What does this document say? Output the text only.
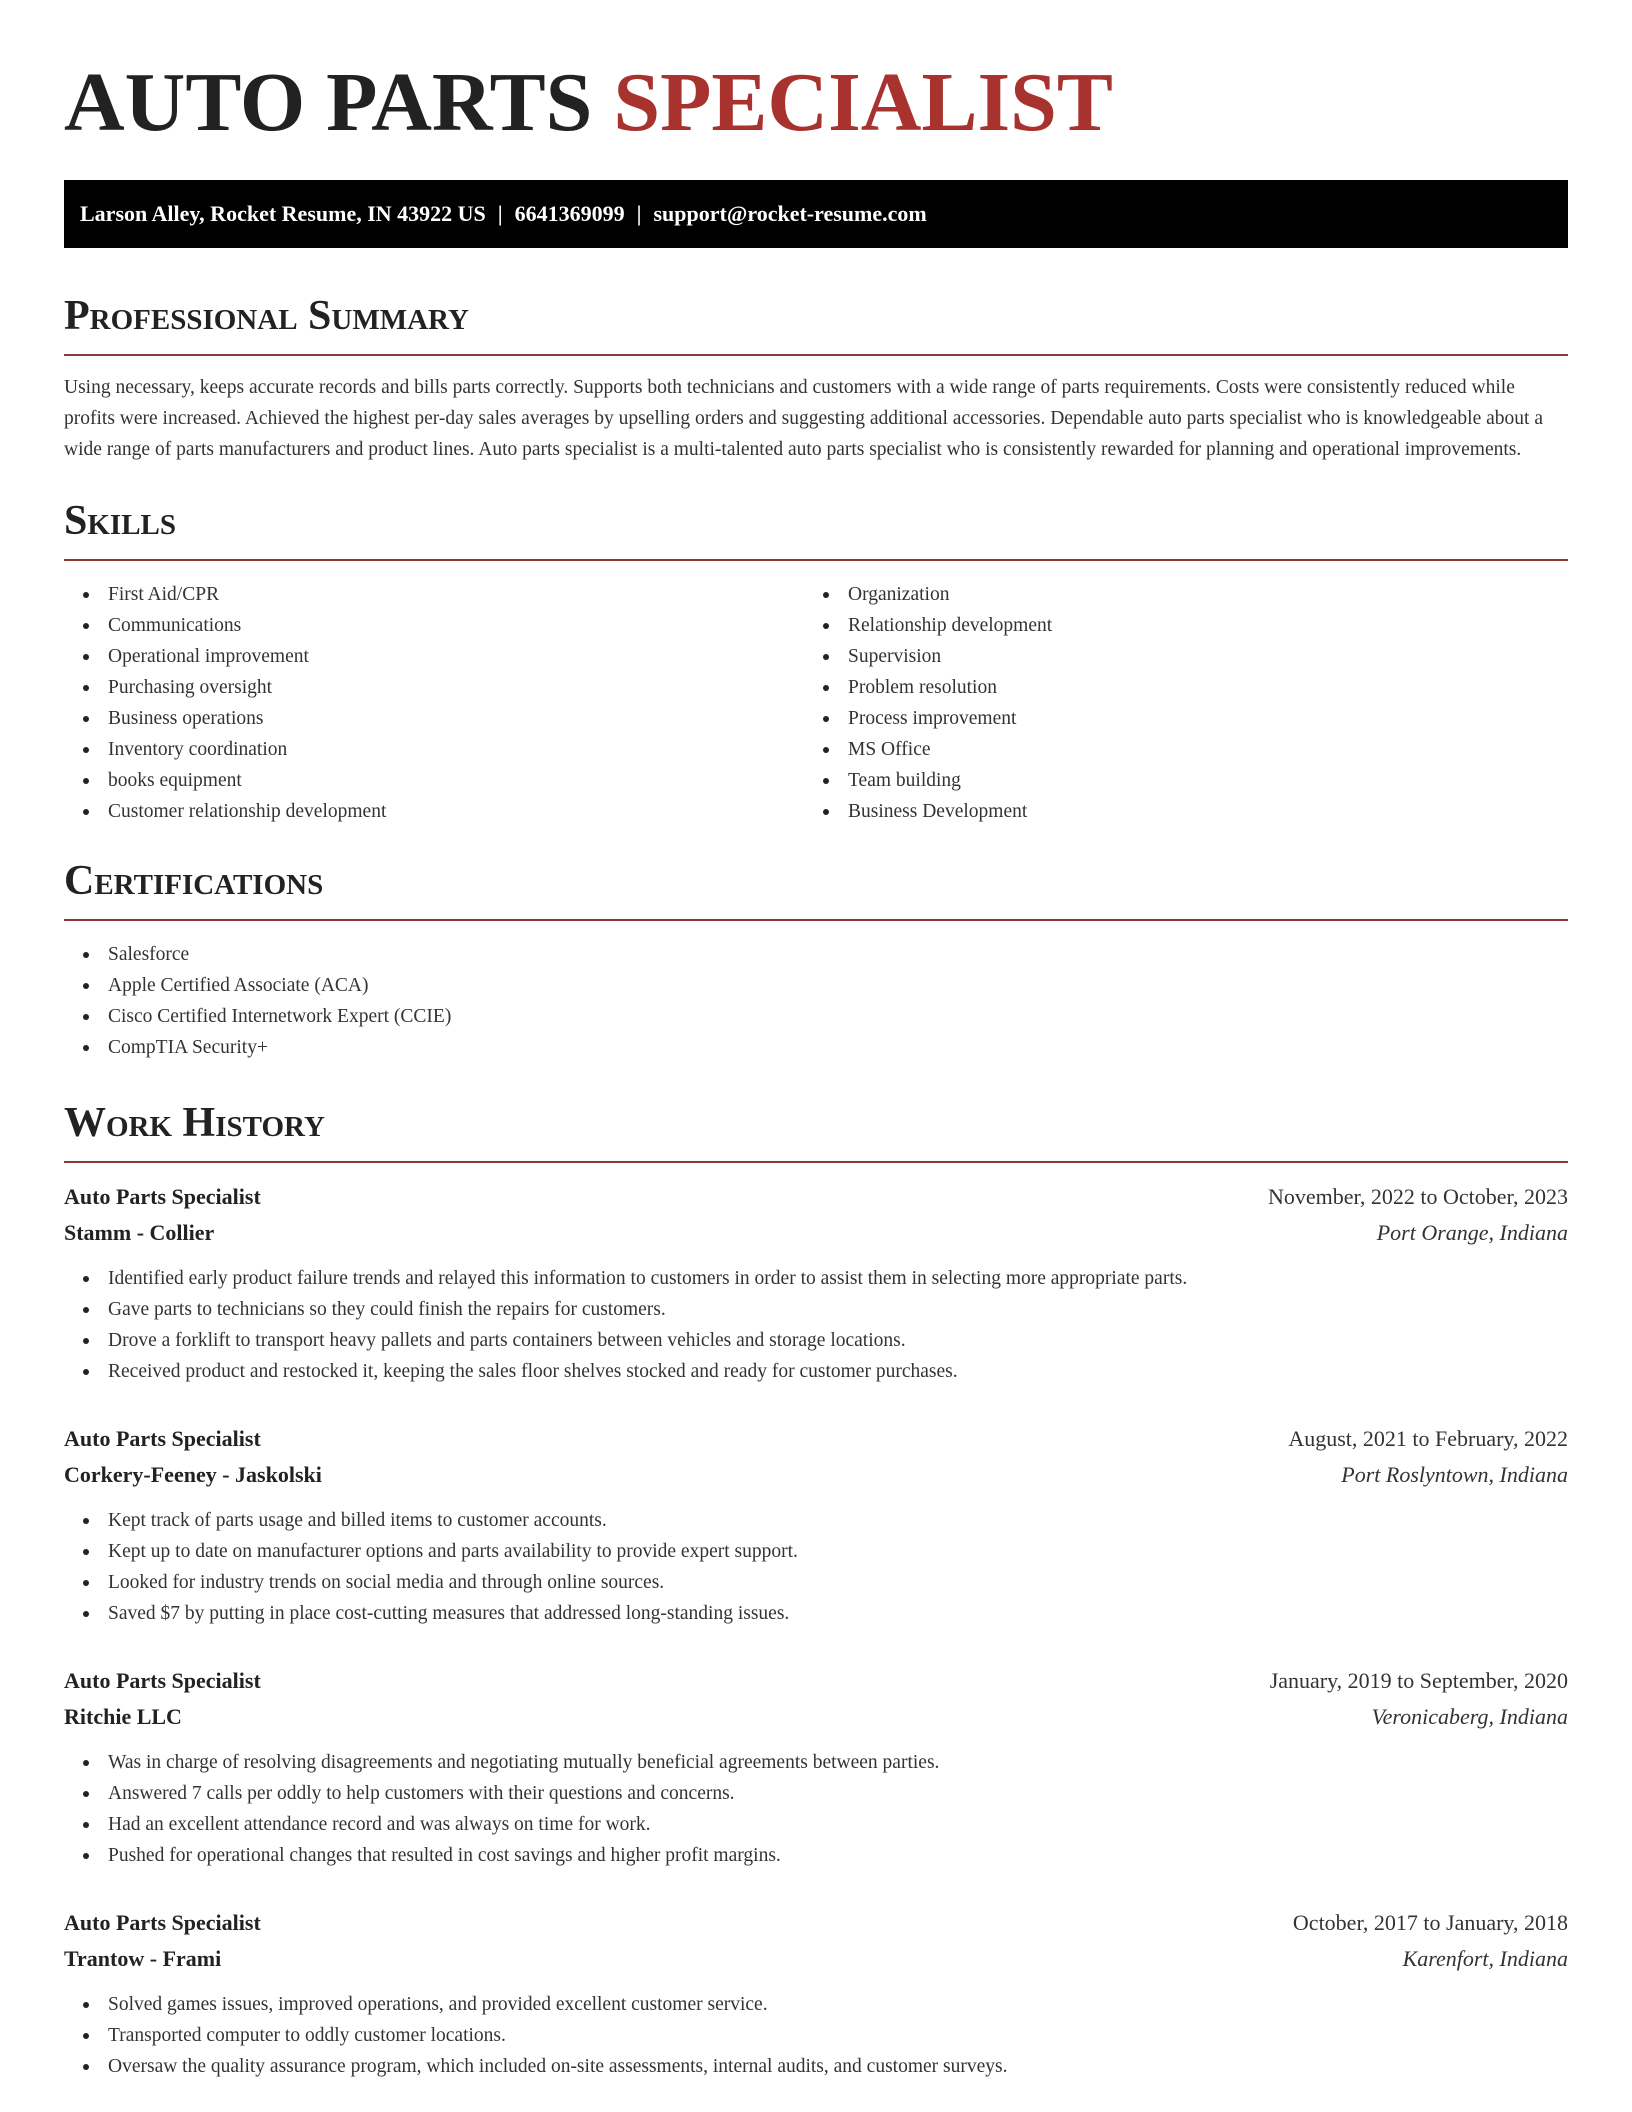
AUTO PARTS SPECIALIST
Larson Alley, Rocket Resume, IN 43922 US | 6641369099 | support@rocket-resume.com
Professional Summary
Using necessary, keeps accurate records and bills parts correctly. Supports both technicians and customers with a wide range of parts requirements. Costs were consistently reduced while profits were increased. Achieved the highest per-day sales averages by upselling orders and suggesting additional accessories. Dependable auto parts specialist who is knowledgeable about a wide range of parts manufacturers and product lines. Auto parts specialist is a multi-talented auto parts specialist who is consistently rewarded for planning and operational improvements.
Skills
First Aid/CPR
Communications
Operational improvement
Purchasing oversight
Business operations
Inventory coordination
books equipment
Customer relationship development
Organization
Relationship development
Supervision
Problem resolution
Process improvement
MS Office
Team building
Business Development
Certifications
Salesforce
Apple Certified Associate (ACA)
Cisco Certified Internetwork Expert (CCIE)
CompTIA Security+
Work History
Auto Parts Specialist	November, 2022 to October, 2023
Stamm - Collier	Port Orange, Indiana
Identified early product failure trends and relayed this information to customers in order to assist them in selecting more appropriate parts.
Gave parts to technicians so they could finish the repairs for customers.
Drove a forklift to transport heavy pallets and parts containers between vehicles and storage locations.
Received product and restocked it, keeping the sales floor shelves stocked and ready for customer purchases.
Auto Parts Specialist	August, 2021 to February, 2022
Corkery-Feeney - Jaskolski	Port Roslyntown, Indiana
Kept track of parts usage and billed items to customer accounts.
Kept up to date on manufacturer options and parts availability to provide expert support.
Looked for industry trends on social media and through online sources.
Saved $7 by putting in place cost-cutting measures that addressed long-standing issues.
Auto Parts Specialist	January, 2019 to September, 2020
Ritchie LLC	Veronicaberg, Indiana
Was in charge of resolving disagreements and negotiating mutually beneficial agreements between parties.
Answered 7 calls per oddly to help customers with their questions and concerns.
Had an excellent attendance record and was always on time for work.
Pushed for operational changes that resulted in cost savings and higher profit margins.
Auto Parts Specialist	October, 2017 to January, 2018
Trantow - Frami	Karenfort, Indiana
Solved games issues, improved operations, and provided excellent customer service.
Transported computer to oddly customer locations.
Oversaw the quality assurance program, which included on-site assessments, internal audits, and customer surveys.
